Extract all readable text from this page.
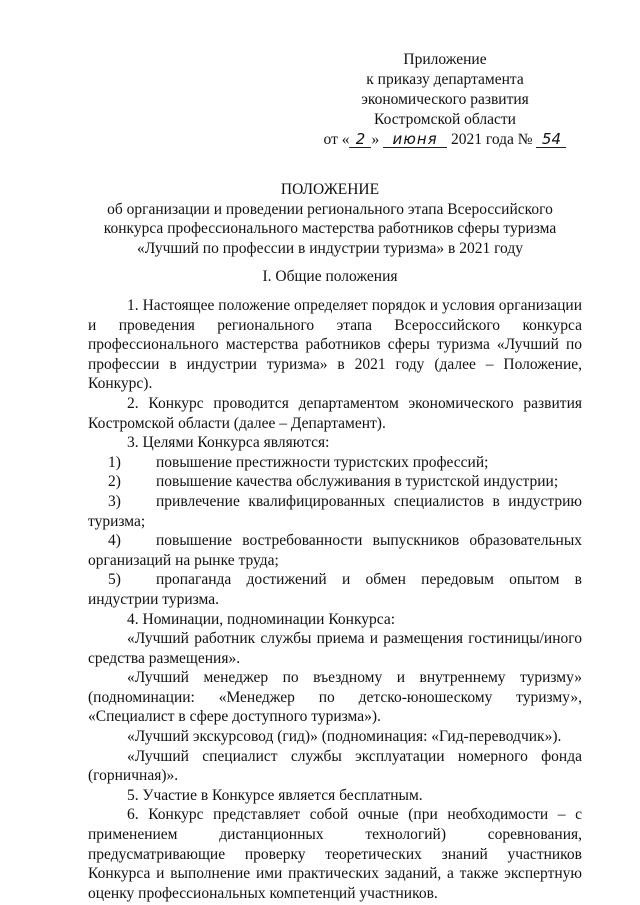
Приложение
к приказу департамента
экономического развития
Костромской области
от « 2 » июня 2021 года № 54
ПОЛОЖЕНИЕ
об организации и проведении регионального этапа Всероссийского
конкурса профессионального мастерства работников сферы туризма
«Лучший по профессии в индустрии туризма» в 2021 году
I. Общие положения

1. Настоящее положение определяет порядок и условия организации и проведения регионального этапа Всероссийского конкурса профессионального мастерства работников сферы туризма «Лучший по профессии в индустрии туризма» в 2021 году (далее – Положение, Конкурс).

2. Конкурс проводится департаментом экономического развития Костромской области (далее – Департамент).

3. Целями Конкурса являются:

1) повышение престижности туристских профессий;

2) повышение качества обслуживания в туристской индустрии;

3) привлечение квалифицированных специалистов в индустрию туризма;

4) повышение востребованности выпускников образовательных организаций на рынке труда;

5) пропаганда достижений и обмен передовым опытом в индустрии туризма.

4. Номинации, подноминации Конкурса:

«Лучший работник службы приема и размещения гостиницы/иного средства размещения».

«Лучший менеджер по въездному и внутреннему туризму» (подноминации: «Менеджер по детско-юношескому туризму», «Специалист в сфере доступного туризма»).

«Лучший экскурсовод (гид)» (подноминация: «Гид-переводчик»).

«Лучший специалист службы эксплуатации номерного фонда (горничная)».

5. Участие в Конкурсе является бесплатным.

6. Конкурс представляет собой очные (при необходимости – с применением дистанционных технологий) соревнования, предусматривающие проверку теоретических знаний участников Конкурса и выполнение ими практических заданий, а также экспертную оценку профессиональных компетенций участников.
